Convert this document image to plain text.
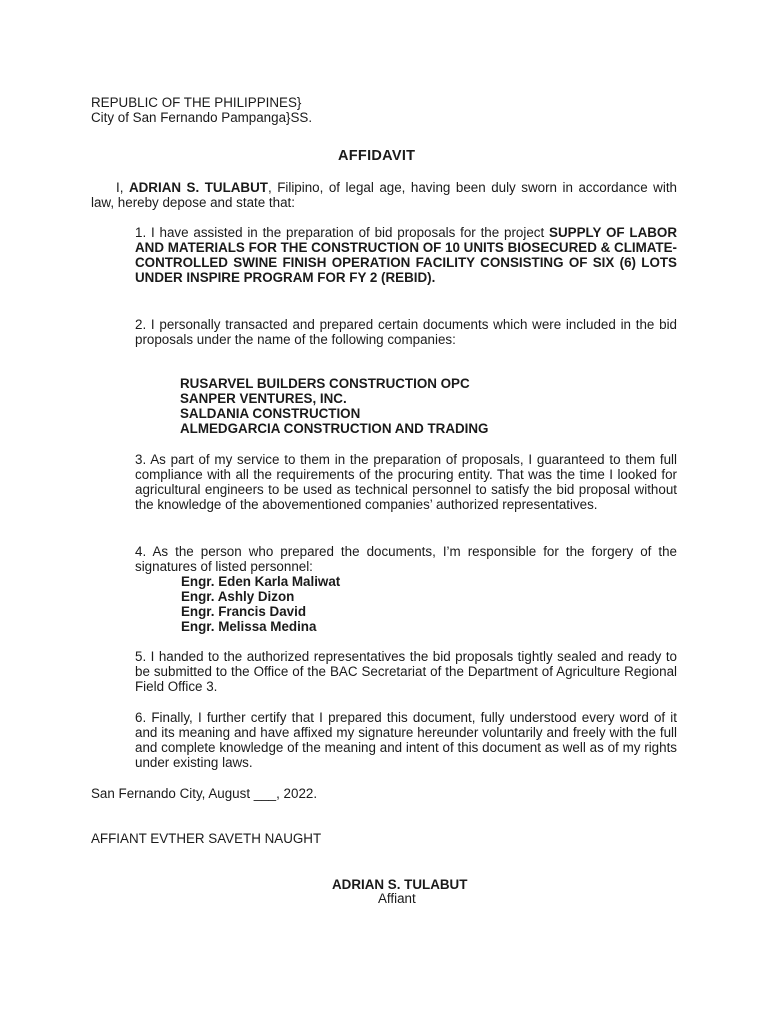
REPUBLIC OF THE PHILIPPINES}
City of San Fernando Pampanga}SS.
AFFIDAVIT
I, ADRIAN S. TULABUT, Filipino, of legal age, having been duly sworn in accordance with law, hereby depose and state that:
1. I have assisted in the preparation of bid proposals for the project SUPPLY OF LABOR AND MATERIALS FOR THE CONSTRUCTION OF 10 UNITS BIOSECURED & CLIMATE-CONTROLLED SWINE FINISH OPERATION FACILITY CONSISTING OF SIX (6) LOTS UNDER INSPIRE PROGRAM FOR FY 2 (REBID).
2. I personally transacted and prepared certain documents which were included in the bid proposals under the name of the following companies:
RUSARVEL BUILDERS CONSTRUCTION OPC
SANPER VENTURES, INC.
SALDANIA CONSTRUCTION
ALMEDGARCIA CONSTRUCTION AND TRADING
3. As part of my service to them in the preparation of proposals, I guaranteed to them full compliance with all the requirements of the procuring entity. That was the time I looked for agricultural engineers to be used as technical personnel to satisfy the bid proposal without the knowledge of the abovementioned companies’ authorized representatives.
4. As the person who prepared the documents, I’m responsible for the forgery of the signatures of listed personnel:
Engr. Eden Karla Maliwat
Engr. Ashly Dizon
Engr. Francis David
Engr. Melissa Medina
5. I handed to the authorized representatives the bid proposals tightly sealed and ready to be submitted to the Office of the BAC Secretariat of the Department of Agriculture Regional Field Office 3.
6. Finally, I further certify that I prepared this document, fully understood every word of it and its meaning and have affixed my signature hereunder voluntarily and freely with the full and complete knowledge of the meaning and intent of this document as well as of my rights under existing laws.
San Fernando City, August ___, 2022.
AFFIANT EVTHER SAVETH NAUGHT
ADRIAN S. TULABUT
Affiant
